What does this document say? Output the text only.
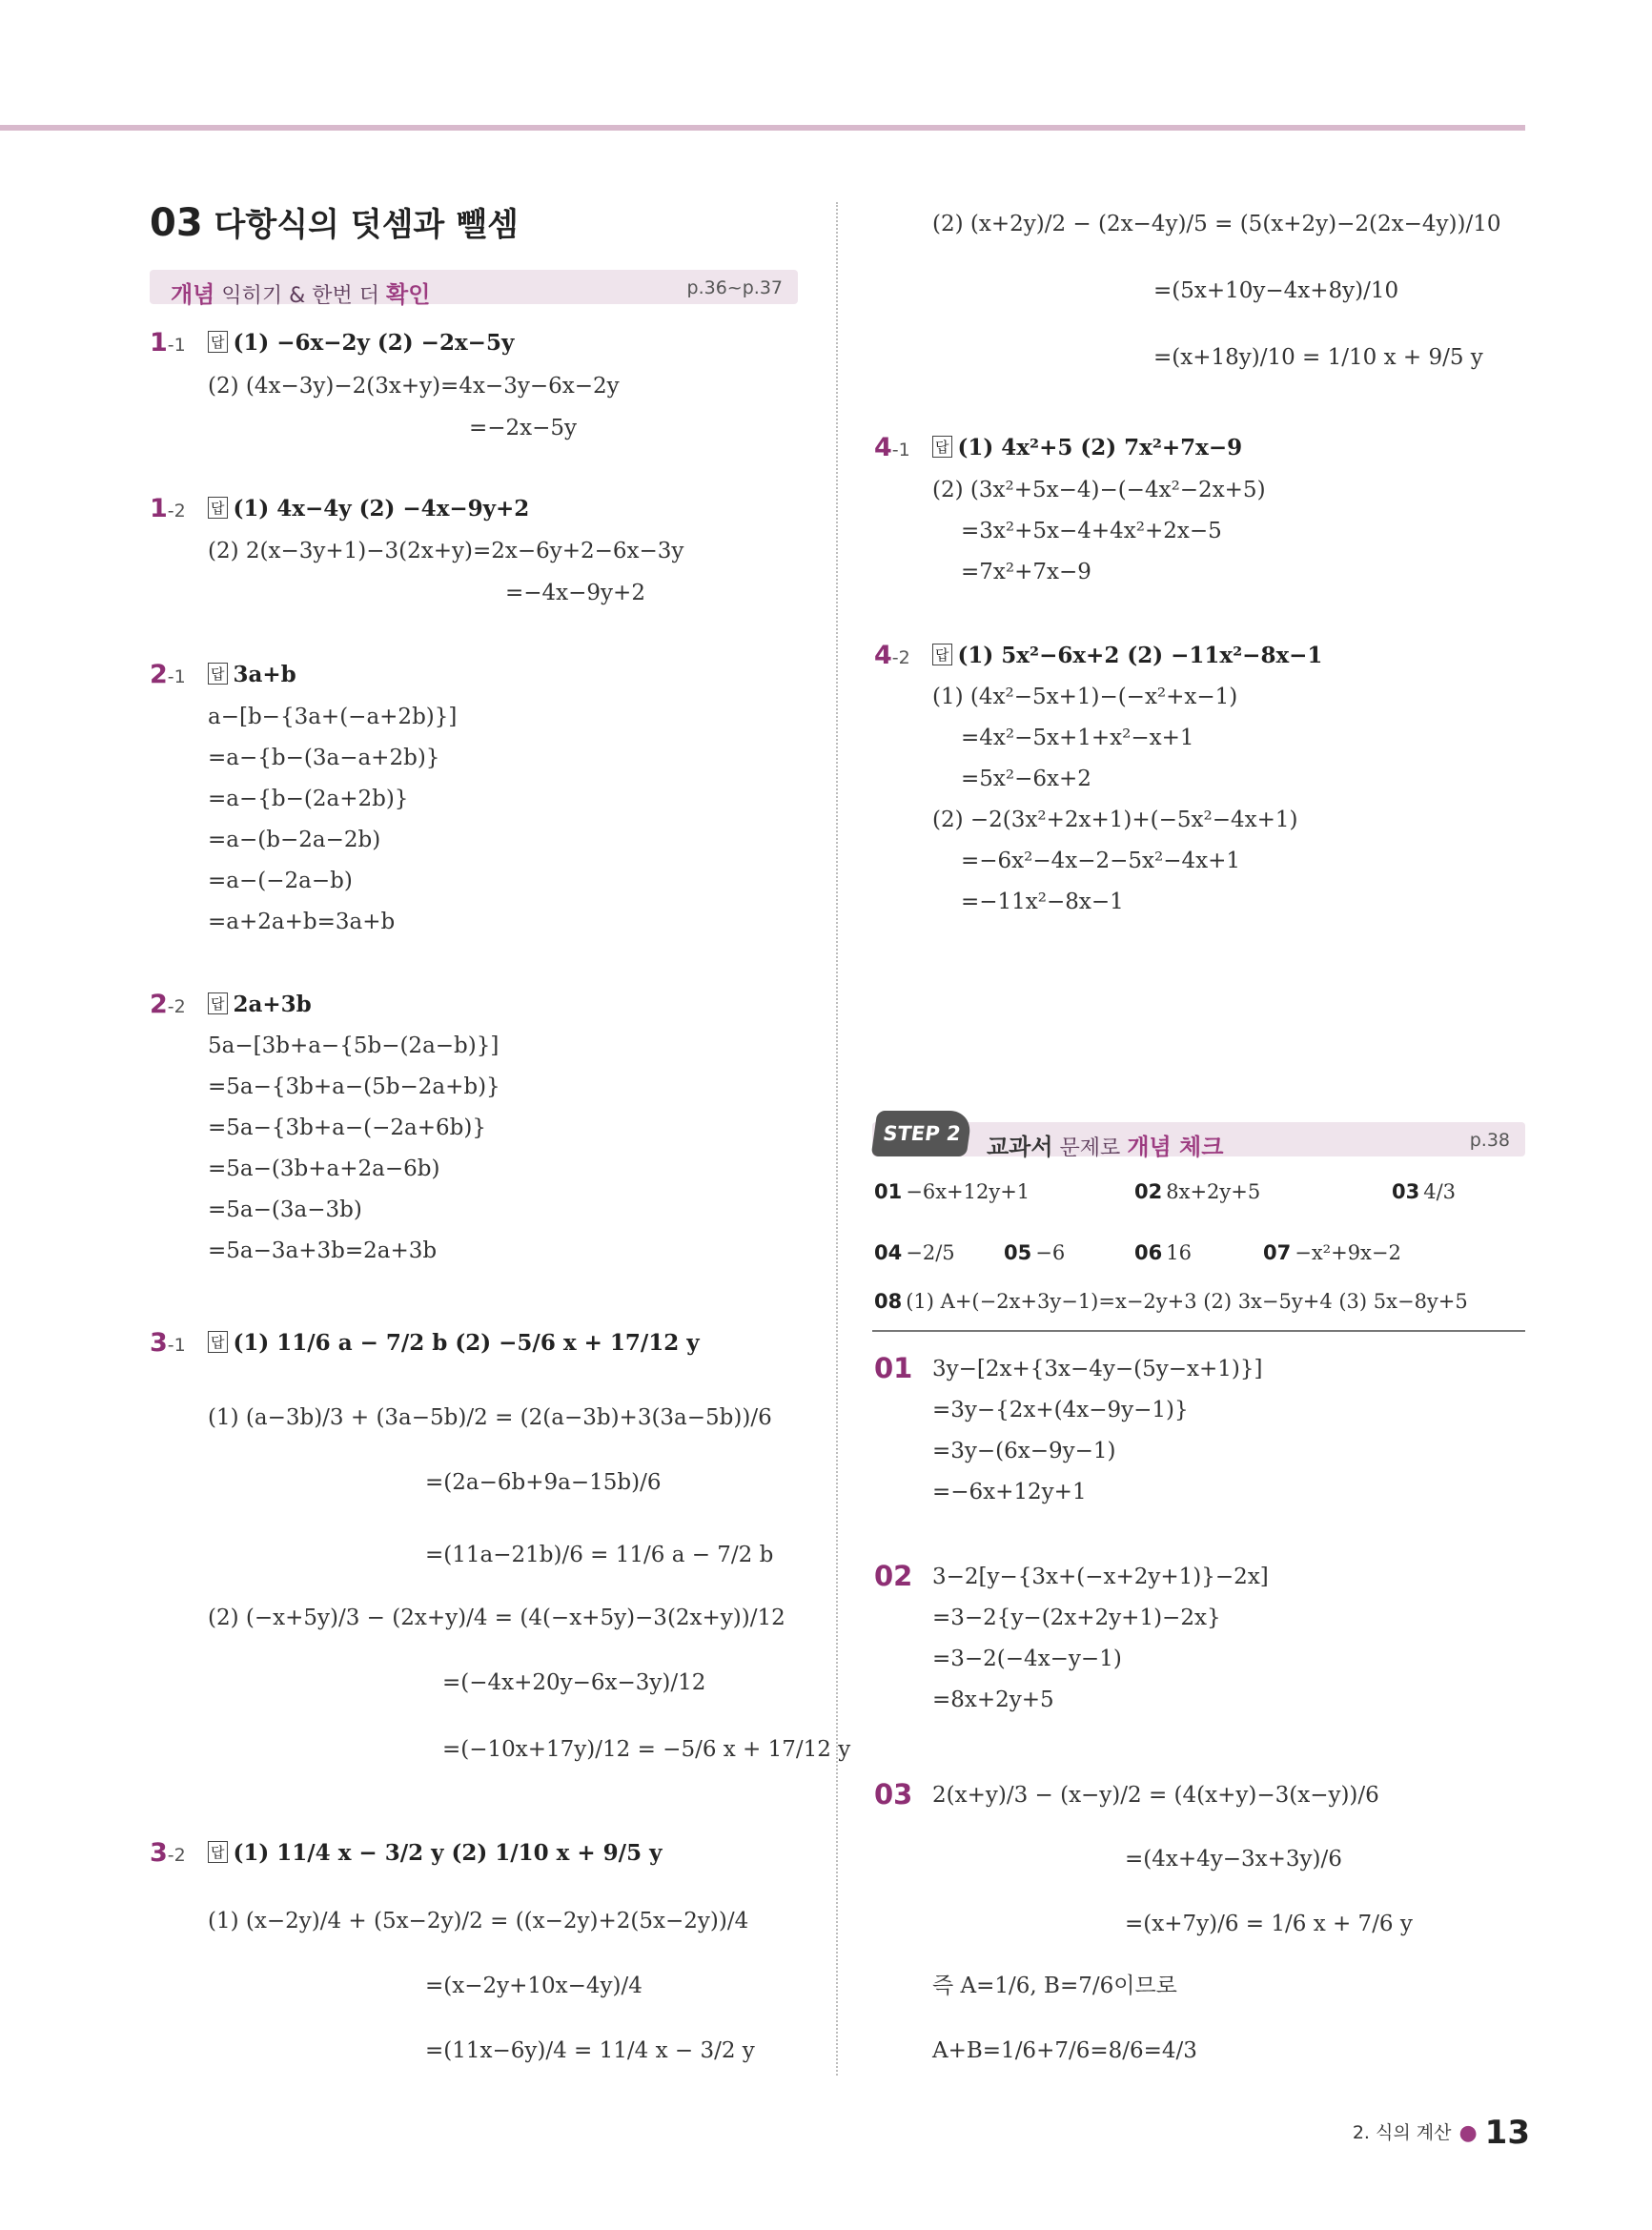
03 다항식의 덧셈과 뺄셈
개념 익히기 & 한번 더 확인	p.36~p.37
1-1 답 (1) −6x−2y (2) −2x−5y
(2) (4x−3y)−2(3x+y)=4x−3y−6x−2y
=−2x−5y
1-2 답 (1) 4x−4y (2) −4x−9y+2
(2) 2(x−3y+1)−3(2x+y)=2x−6y+2−6x−3y
=−4x−9y+2
2-1 답 3a+b
a−[b−{3a+(−a+2b)}]
=a−{b−(3a−a+2b)}
=a−{b−(2a+2b)}
=a−(b−2a−2b)
=a−(−2a−b)
=a+2a+b=3a+b
2-2 답 2a+3b
5a−[3b+a−{5b−(2a−b)}]
=5a−{3b+a−(5b−2a+b)}
=5a−{3b+a−(−2a+6b)}
=5a−(3b+a+2a−6b)
=5a−(3a−3b)
=5a−3a+3b=2a+3b
3-1 답 (1) 11/6 a − 7/2 b (2) −5/6 x + 17/12 y
(1) (a−3b)/3 + (3a−5b)/2 = (2(a−3b)+3(3a−5b))/6
=(2a−6b+9a−15b)/6
=(11a−21b)/6 = 11/6 a − 7/2 b
(2) (−x+5y)/3 − (2x+y)/4 = (4(−x+5y)−3(2x+y))/12
=(−4x+20y−6x−3y)/12
=(−10x+17y)/12 = −5/6 x + 17/12 y
3-2 답 (1) 11/4 x − 3/2 y (2) 1/10 x + 9/5 y
(1) (x−2y)/4 + (5x−2y)/2 = ((x−2y)+2(5x−2y))/4
=(x−2y+10x−4y)/4
=(11x−6y)/4 = 11/4 x − 3/2 y
(2) (x+2y)/2 − (2x−4y)/5 = (5(x+2y)−2(2x−4y))/10
=(5x+10y−4x+8y)/10
=(x+18y)/10 = 1/10 x + 9/5 y
4-1 답 (1) 4x²+5 (2) 7x²+7x−9
(2) (3x²+5x−4)−(−4x²−2x+5)
=3x²+5x−4+4x²+2x−5
=7x²+7x−9
4-2 답 (1) 5x²−6x+2 (2) −11x²−8x−1
(1) (4x²−5x+1)−(−x²+x−1)
=4x²−5x+1+x²−x+1
=5x²−6x+2
(2) −2(3x²+2x+1)+(−5x²−4x+1)
=−6x²−4x−2−5x²−4x+1
=−11x²−8x−1
교과서 문제로 개념 체크	p.38
STEP 2
01 −6x+12y+1	02 8x+2y+5	03 4/3
04 −2/5 05 −6	06 16	07 −x²+9x−2
08 (1) A+(−2x+3y−1)=x−2y+3 (2) 3x−5y+4 (3) 5x−8y+5
01 3y−[2x+{3x−4y−(5y−x+1)}]
=3y−{2x+(4x−9y−1)}
=3y−(6x−9y−1)
=−6x+12y+1
02 3−2[y−{3x+(−x+2y+1)}−2x]
=3−2{y−(2x+2y+1)−2x}
=3−2(−4x−y−1)
=8x+2y+5
03 2(x+y)/3 − (x−y)/2 = (4(x+y)−3(x−y))/6
=(4x+4y−3x+3y)/6
=(x+7y)/6 = 1/6 x + 7/6 y
즉 A=1/6, B=7/6이므로
A+B=1/6+7/6=8/6=4/3
2. 식의 계산 ● 13
